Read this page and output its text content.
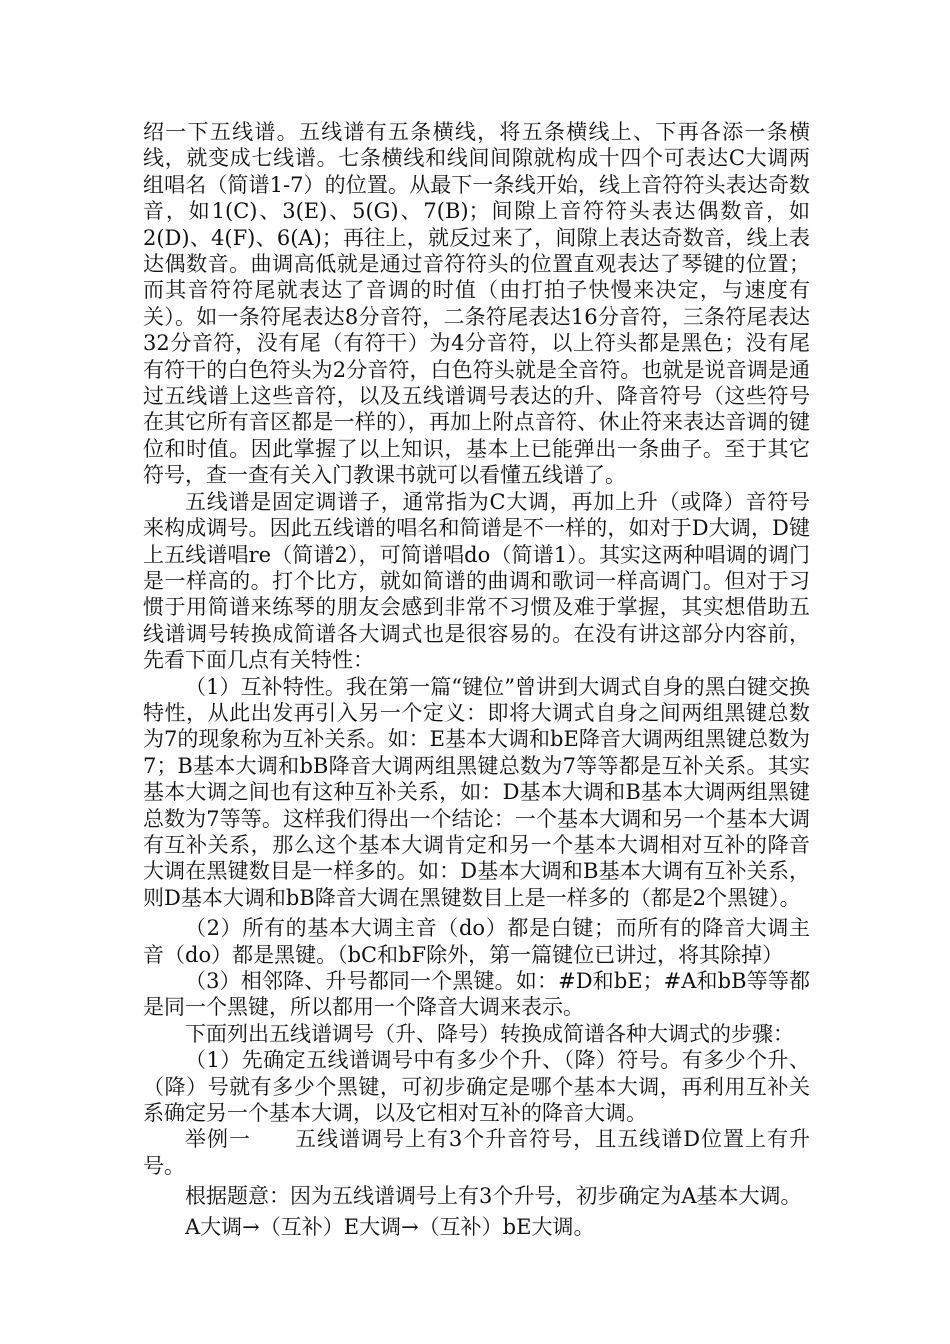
绍一下五线谱。五线谱有五条横线，将五条横线上、下再各添一条横线，就变成七线谱。七条横线和线间间隙就构成十四个可表达C大调两组唱名（简谱1-7）的位置。从最下一条线开始，线上音符符头表达奇数音，如1(C)、3(E)、5(G)、7(B)；间隙上音符符头表达偶数音，如2(D)、4(F)、6(A)；再往上，就反过来了，间隙上表达奇数音，线上表达偶数音。曲调高低就是通过音符符头的位置直观表达了琴键的位置；而其音符符尾就表达了音调的时值（由打拍子快慢来决定，与速度有关）。如一条符尾表达8分音符，二条符尾表达16分音符，三条符尾表达32分音符，没有尾（有符干）为4分音符，以上符头都是黑色；没有尾有符干的白色符头为2分音符，白色符头就是全音符。也就是说音调是通过五线谱上这些音符，以及五线谱调号表达的升、降音符号（这些符号在其它所有音区都是一样的），再加上附点音符、休止符来表达音调的键位和时值。因此掌握了以上知识，基本上已能弹出一条曲子。至于其它符号，查一查有关入门教课书就可以看懂五线谱了。

五线谱是固定调谱子，通常指为C大调，再加上升（或降）音符号来构成调号。因此五线谱的唱名和简谱是不一样的，如对于D大调，D键上五线谱唱re（简谱2），可简谱唱do（简谱1）。其实这两种唱调的调门是一样高的。打个比方，就如简谱的曲调和歌词一样高调门。但对于习惯于用简谱来练琴的朋友会感到非常不习惯及难于掌握，其实想借助五线谱调号转换成简谱各大调式也是很容易的。在没有讲这部分内容前，先看下面几点有关特性：

（1）互补特性。我在第一篇“键位”曾讲到大调式自身的黑白键交换特性，从此出发再引入另一个定义：即将大调式自身之间两组黑键总数为7的现象称为互补关系。如：E基本大调和bE降音大调两组黑键总数为7；B基本大调和bB降音大调两组黑键总数为7等等都是互补关系。其实基本大调之间也有这种互补关系，如：D基本大调和B基本大调两组黑键总数为7等等。这样我们得出一个结论：一个基本大调和另一个基本大调有互补关系，那么这个基本大调肯定和另一个基本大调相对互补的降音大调在黑键数目是一样多的。如：D基本大调和B基本大调有互补关系，则D基本大调和bB降音大调在黑键数目上是一样多的（都是2个黑键）。

（2）所有的基本大调主音（do）都是白键；而所有的降音大调主音（do）都是黑键。（bC和bF除外，第一篇键位已讲过，将其除掉）

（3）相邻降、升号都同一个黑键。如：#D和bE；#A和bB等等都是同一个黑键，所以都用一个降音大调来表示。

下面列出五线谱调号（升、降号）转换成简谱各种大调式的步骤：

（1）先确定五线谱调号中有多少个升、（降）符号。有多少个升、（降）号就有多少个黑键，可初步确定是哪个基本大调，再利用互补关系确定另一个基本大调，以及它相对互补的降音大调。

举例一　　五线谱调号上有3个升音符号，且五线谱D位置上有升号。

根据题意：因为五线谱调号上有3个升号，初步确定为A基本大调。

A大调→（互补）E大调→（互补）bE大调。
